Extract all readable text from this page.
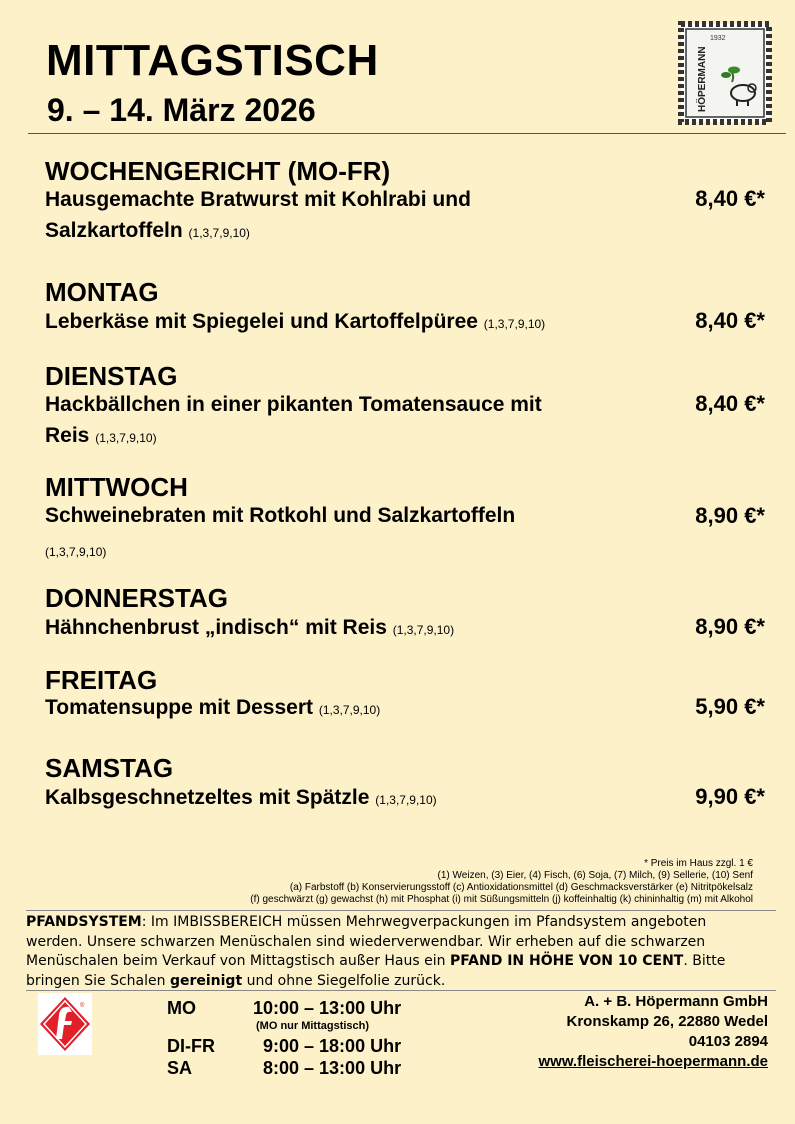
MITTAGSTISCH
9. – 14. März 2026
1932
HÖPERMANN
WOCHENGERICHT (MO-FR)
Hausgemachte Bratwurst mit Kohlrabi und
Salzkartoffeln (1,3,7,9,10)
8,40 €*
MONTAG
Leberkäse mit Spiegelei und Kartoffelpüree (1,3,7,9,10)	8,40 €*
DIENSTAG
Hackbällchen in einer pikanten Tomatensauce mit
Reis (1,3,7,9,10)
8,40 €*
MITTWOCH
Schweinebraten mit Rotkohl und Salzkartoffeln
(1,3,7,9,10)
8,90 €*
DONNERSTAG
Hähnchenbrust „indisch“ mit Reis (1,3,7,9,10)	8,90 €*
FREITAG
Tomatensuppe mit Dessert (1,3,7,9,10)	5,90 €*
SAMSTAG
Kalbsgeschnetzeltes mit Spätzle (1,3,7,9,10)	9,90 €*
* Preis im Haus zzgl. 1 €
(1) Weizen, (3) Eier, (4) Fisch, (6) Soja, (7) Milch, (9) Sellerie, (10) Senf
(a) Farbstoff (b) Konservierungsstoff (c) Antioxidationsmittel (d) Geschmacksverstärker (e) Nitritpökelsalz
(f) geschwärzt (g) gewachst (h) mit Phosphat (i) mit Süßungsmitteln (j) koffeinhaltig (k) chininhaltig (m) mit Alkohol
PFANDSYSTEM: Im IMBISSBEREICH müssen Mehrwegverpackungen im Pfandsystem angeboten werden. Unsere schwarzen Menüschalen sind wiederverwendbar. Wir erheben auf die schwarzen Menüschalen beim Verkauf von Mittagstisch außer Haus ein PFAND IN HÖHE VON 10 CENT. Bitte bringen Sie Schalen gereinigt und ohne Siegelfolie zurück.
®	MO	10:00 – 13:00 Uhr
(MO nur Mittagstisch)
DI-FR	9:00 – 18:00 Uhr
SA	8:00 – 13:00 Uhr
A. + B. Höpermann GmbH
Kronskamp 26, 22880 Wedel
04103 2894
www.fleischerei-hoepermann.de
